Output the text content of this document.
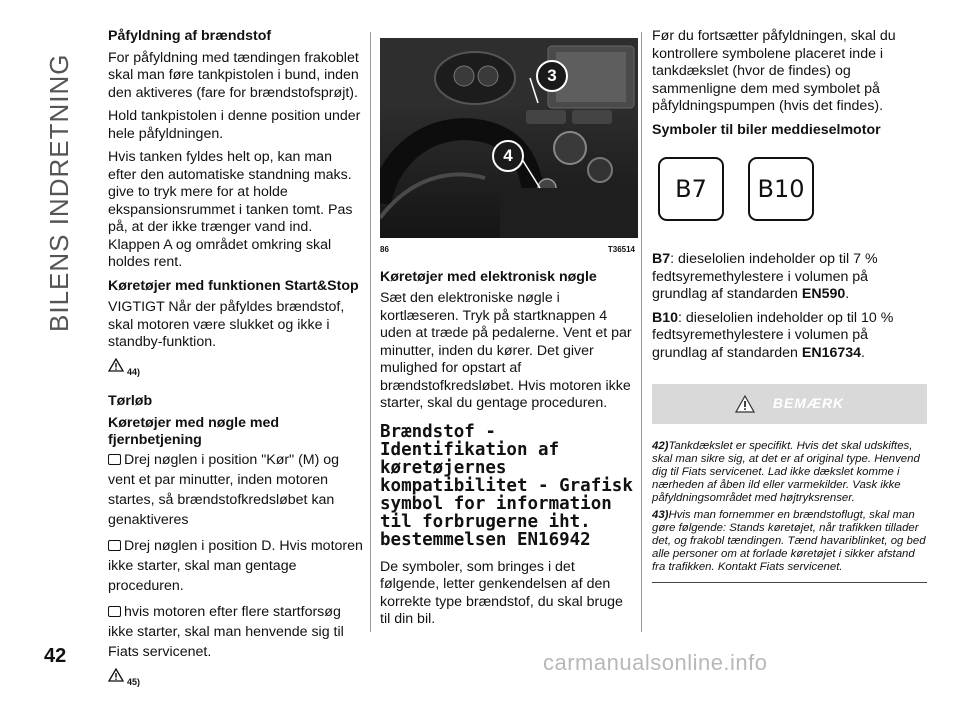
BILENS INDRETNING
42	carmanualsonline.info
Påfyldning af brændstof

For påfyldning med tændingen frakoblet skal man føre tankpistolen i bund, inden den aktiveres (fare for brændstofsprøjt).

Hold tankpistolen i denne position under hele påfyldningen.

Hvis tanken fyldes helt op, kan man efter den automatiske standning maks. give to tryk mere for at holde ekspansionsrummet i tanken tomt. Pas på, at der ikke trænger vand ind. Klappen A og området omkring skal holdes rent.

Køretøjer med funktionen Start&Stop

VIGTIGT Når der påfyldes brændstof, skal motoren være slukket og ikke i standby-funktion.

44)
Tørløb
Køretøjer med nøgle med fjernbetjening

Drej nøglen i position "Kør" (M) og vent et par minutter, inden motoren startes, så brændstofkredsløbet kan genaktiveres

Drej nøglen i position D. Hvis motoren ikke starter, skal man gentage proceduren.

hvis motoren efter flere startforsøg ikke starter, skal man henvende sig til Fiats servicenet.

45)
3
4
86	T36514
Køretøjer med elektronisk nøgle

Sæt den elektroniske nøgle i kortlæseren. Tryk på startknappen 4 uden at træde på pedalerne. Vent et par minutter, inden du kører. Det giver mulighed for opstart af brændstofkredsløbet. Hvis motoren ikke starter, skal du gentage proceduren.

Brændstof - Identifikation af køretøjernes kompatibilitet - Grafisk symbol for information til forbrugerne iht. bestemmelsen EN16942

De symboler, som bringes i det følgende, letter genkendelsen af den korrekte type brændstof, du skal bruge til din bil.

Før du fortsætter påfyldningen, skal du kontrollere symbolene placeret inde i tankdækslet (hvor de findes) og sammenligne dem med symbolet på påfyldningspumpen (hvis det findes).

Symboler til biler meddieselmotor
B7	B10

B7: dieselolien indeholder op til 7 % fedtsyremethylestere i volumen på grundlag af standarden EN590.

B10: dieselolien indeholder op til 10 % fedtsyremethylestere i volumen på grundlag af standarden EN16734.

BEMÆRK

42)Tankdækslet er specifikt. Hvis det skal udskiftes, skal man sikre sig, at det er af original type. Henvend dig til Fiats servicenet. Lad ikke dækslet komme i nærheden af åben ild eller varmekilder. Vask ikke påfyldningsområdet med højtryksrenser.

43)Hvis man fornemmer en brændstoflugt, skal man gøre følgende: Stands køretøjet, når trafikken tillader det, og frakobl tændingen. Tænd havariblinket, og bed alle personer om at forlade køretøjet i sikker afstand fra trafikken. Kontakt Fiats servicenet.
